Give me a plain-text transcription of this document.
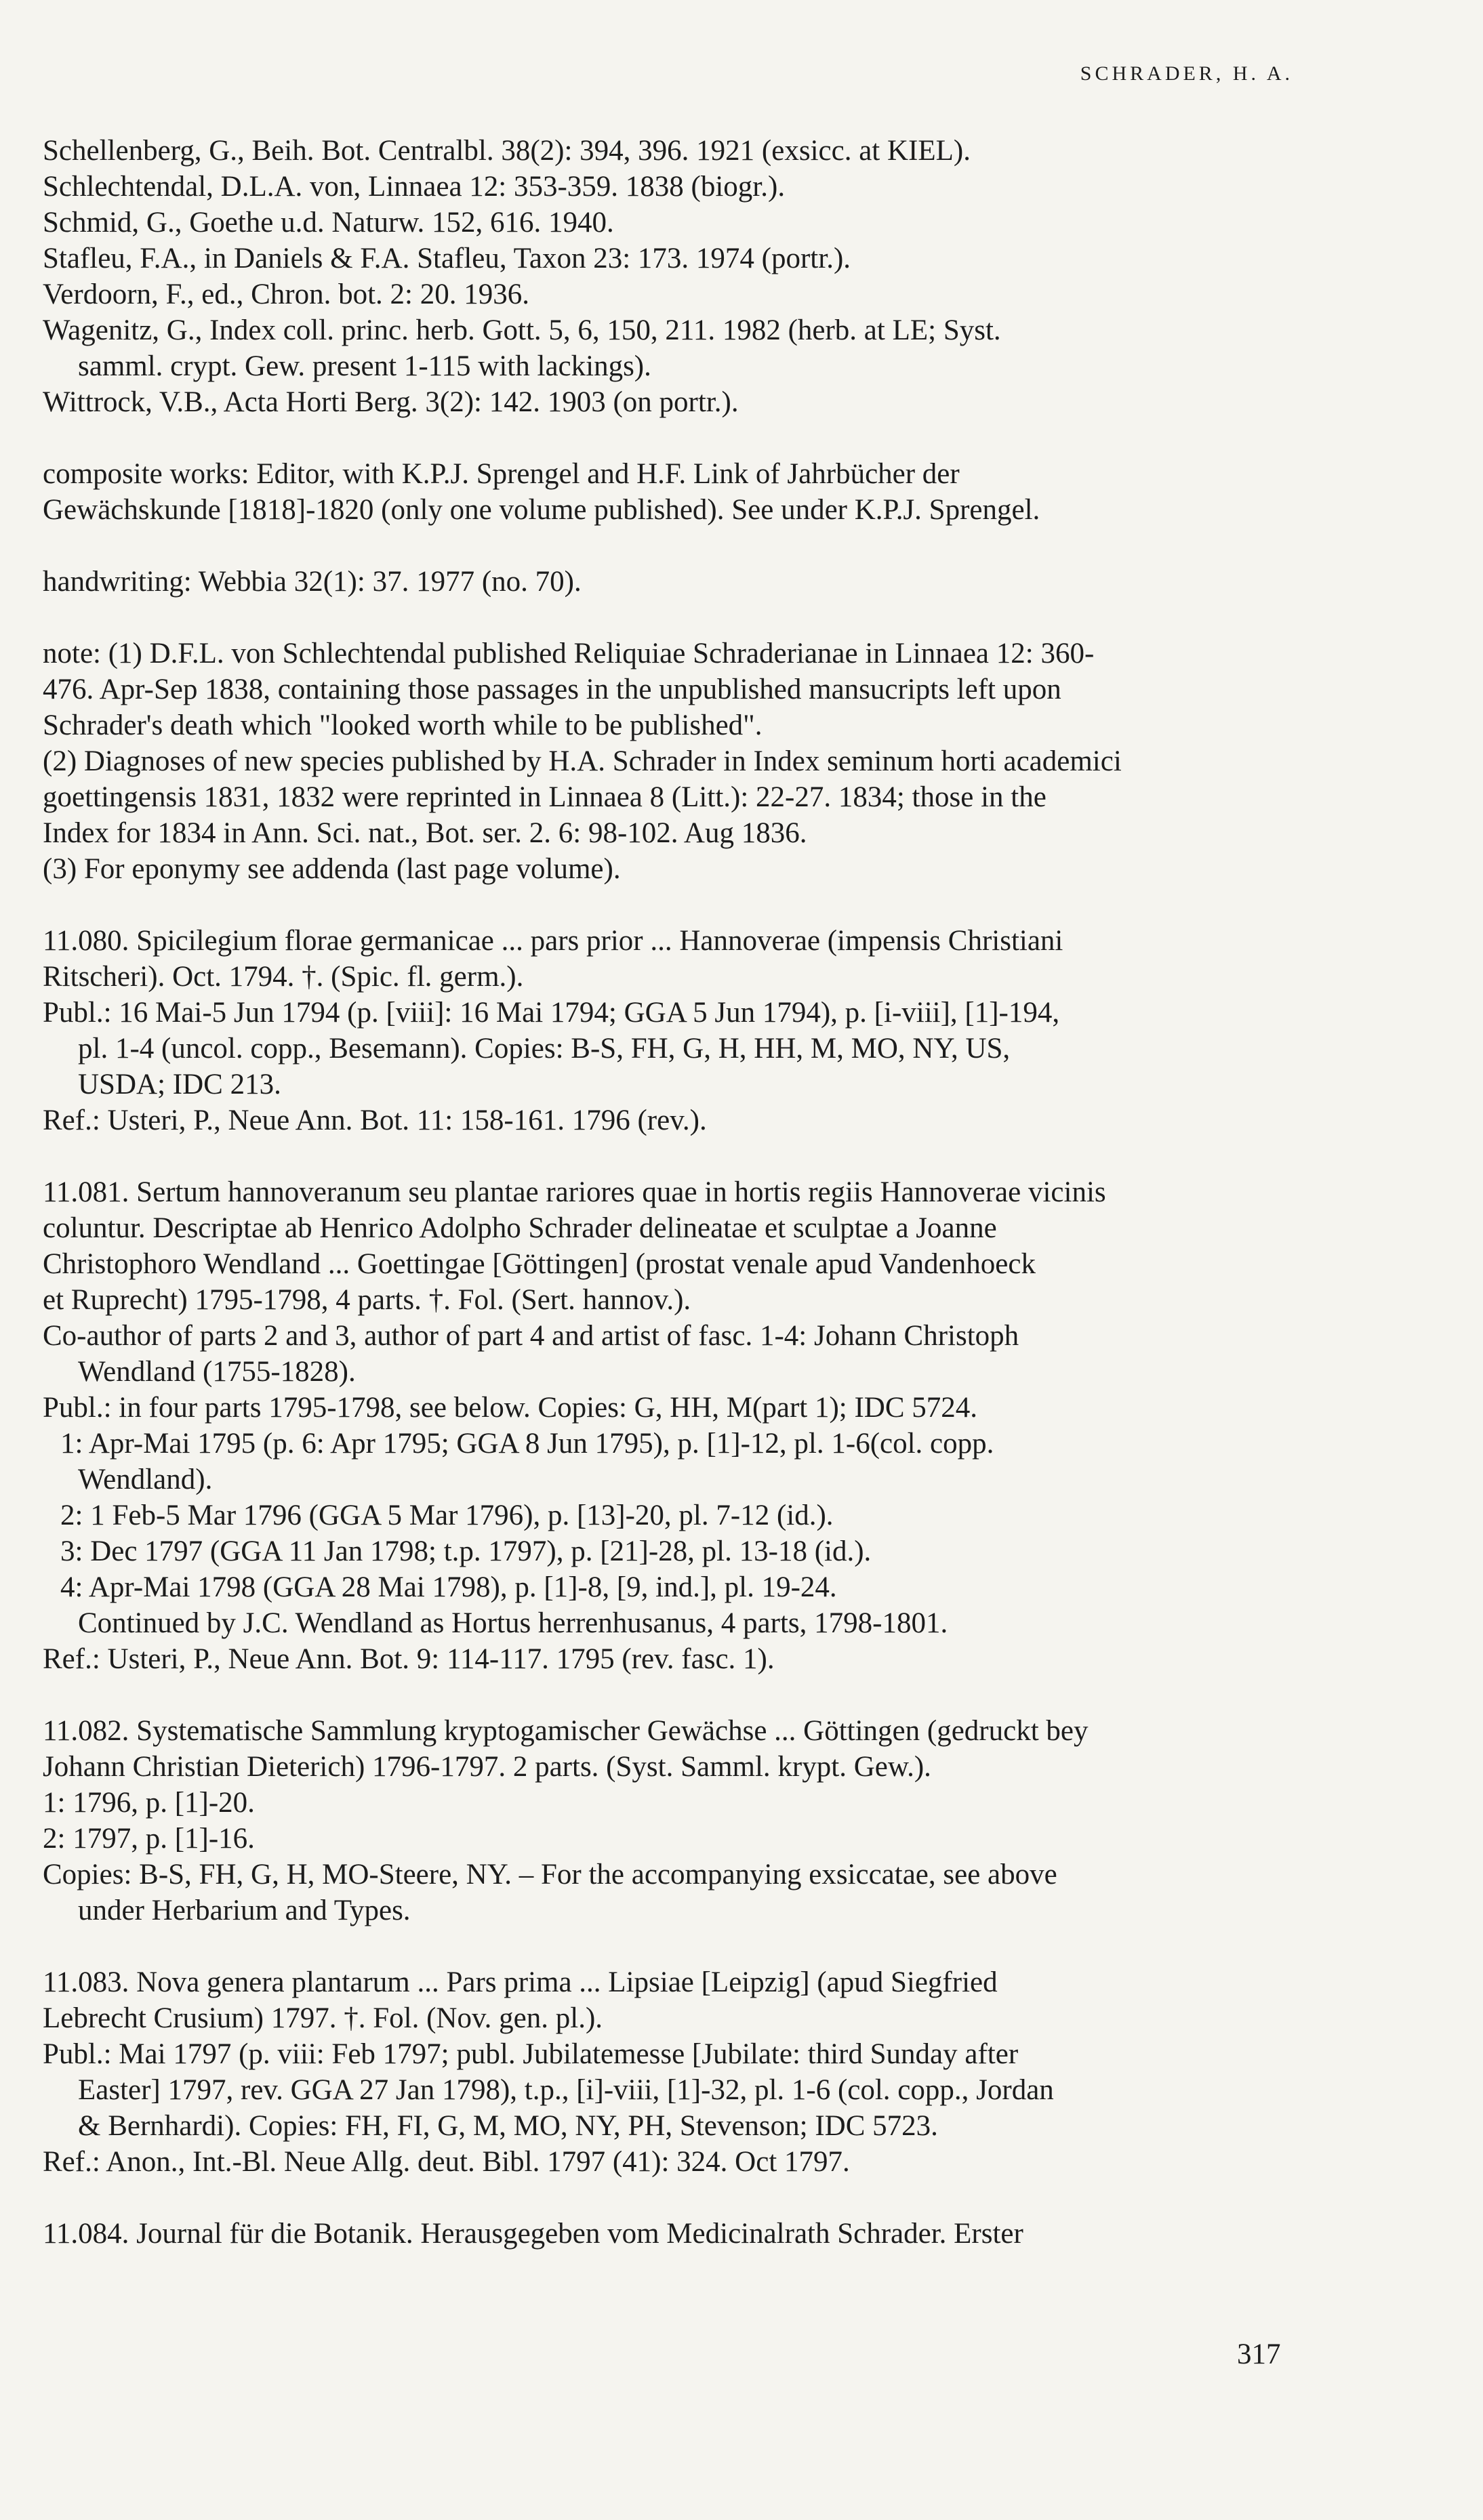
SCHRADER, H. A.
Schellenberg, G., Beih. Bot. Centralbl. 38(2): 394, 396. 1921 (exsicc. at KIEL).
Schlechtendal, D.L.A. von, Linnaea 12: 353-359. 1838 (biogr.).
Schmid, G., Goethe u.d. Naturw. 152, 616. 1940.
Stafleu, F.A., in Daniels & F.A. Stafleu, Taxon 23: 173. 1974 (portr.).
Verdoorn, F., ed., Chron. bot. 2: 20. 1936.
Wagenitz, G., Index coll. princ. herb. Gott. 5, 6, 150, 211. 1982 (herb. at LE; Syst.
samml. crypt. Gew. present 1-115 with lackings).
Wittrock, V.B., Acta Horti Berg. 3(2): 142. 1903 (on portr.).
composite works: Editor, with K.P.J. Sprengel and H.F. Link of Jahrbücher der
Gewächskunde [1818]-1820 (only one volume published). See under K.P.J. Sprengel.
handwriting: Webbia 32(1): 37. 1977 (no. 70).
note: (1) D.F.L. von Schlechtendal published Reliquiae Schraderianae in Linnaea 12: 360-
476. Apr-Sep 1838, containing those passages in the unpublished mansucripts left upon
Schrader's death which "looked worth while to be published".
(2) Diagnoses of new species published by H.A. Schrader in Index seminum horti academici
goettingensis 1831, 1832 were reprinted in Linnaea 8 (Litt.): 22-27. 1834; those in the
Index for 1834 in Ann. Sci. nat., Bot. ser. 2. 6: 98-102. Aug 1836.
(3) For eponymy see addenda (last page volume).
11.080. Spicilegium florae germanicae ... pars prior ... Hannoverae (impensis Christiani
Ritscheri). Oct. 1794. †. (Spic. fl. germ.).
Publ.: 16 Mai-5 Jun 1794 (p. [viii]: 16 Mai 1794; GGA 5 Jun 1794), p. [i-viii], [1]-194,
pl. 1-4 (uncol. copp., Besemann). Copies: B-S, FH, G, H, HH, M, MO, NY, US,
USDA; IDC 213.
Ref.: Usteri, P., Neue Ann. Bot. 11: 158-161. 1796 (rev.).
11.081. Sertum hannoveranum seu plantae rariores quae in hortis regiis Hannoverae vicinis
coluntur. Descriptae ab Henrico Adolpho Schrader delineatae et sculptae a Joanne
Christophoro Wendland ... Goettingae [Göttingen] (prostat venale apud Vandenhoeck
et Ruprecht) 1795-1798, 4 parts. †. Fol. (Sert. hannov.).
Co-author of parts 2 and 3, author of part 4 and artist of fasc. 1-4: Johann Christoph
Wendland (1755-1828).
Publ.: in four parts 1795-1798, see below. Copies: G, HH, M(part 1); IDC 5724.
1: Apr-Mai 1795 (p. 6: Apr 1795; GGA 8 Jun 1795), p. [1]-12, pl. 1-6(col. copp.
Wendland).
2: 1 Feb-5 Mar 1796 (GGA 5 Mar 1796), p. [13]-20, pl. 7-12 (id.).
3: Dec 1797 (GGA 11 Jan 1798; t.p. 1797), p. [21]-28, pl. 13-18 (id.).
4: Apr-Mai 1798 (GGA 28 Mai 1798), p. [1]-8, [9, ind.], pl. 19-24.
Continued by J.C. Wendland as Hortus herrenhusanus, 4 parts, 1798-1801.
Ref.: Usteri, P., Neue Ann. Bot. 9: 114-117. 1795 (rev. fasc. 1).
11.082. Systematische Sammlung kryptogamischer Gewächse ... Göttingen (gedruckt bey
Johann Christian Dieterich) 1796-1797. 2 parts. (Syst. Samml. krypt. Gew.).
1: 1796, p. [1]-20.
2: 1797, p. [1]-16.
Copies: B-S, FH, G, H, MO-Steere, NY. – For the accompanying exsiccatae, see above
under Herbarium and Types.
11.083. Nova genera plantarum ... Pars prima ... Lipsiae [Leipzig] (apud Siegfried
Lebrecht Crusium) 1797. †. Fol. (Nov. gen. pl.).
Publ.: Mai 1797 (p. viii: Feb 1797; publ. Jubilatemesse [Jubilate: third Sunday after
Easter] 1797, rev. GGA 27 Jan 1798), t.p., [i]-viii, [1]-32, pl. 1-6 (col. copp., Jordan
& Bernhardi). Copies: FH, FI, G, M, MO, NY, PH, Stevenson; IDC 5723.
Ref.: Anon., Int.-Bl. Neue Allg. deut. Bibl. 1797 (41): 324. Oct 1797.
11.084. Journal für die Botanik. Herausgegeben vom Medicinalrath Schrader. Erster
317
